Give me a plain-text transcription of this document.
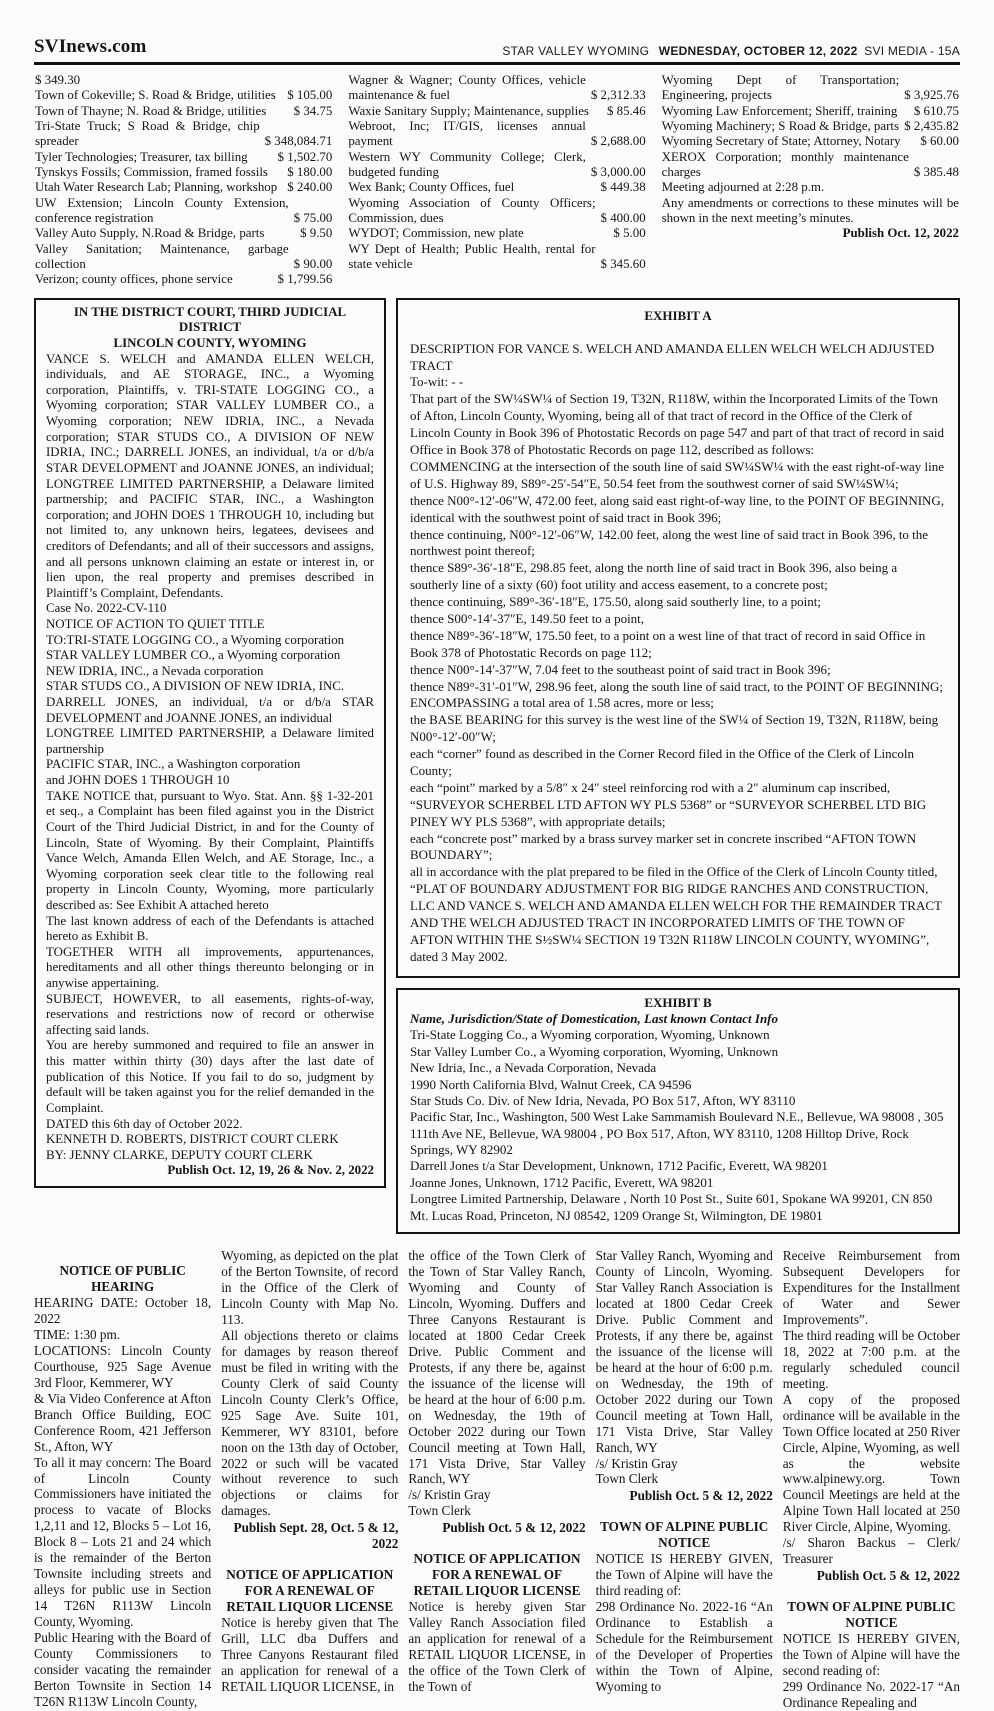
SVInews.com	STAR VALLEY WYOMING WEDNESDAY, OCTOBER 12, 2022 SVI MEDIA - 15A
$ 349.30
Town of Cokeville; S. Road & Bridge, utilities $ 105.00
Town of Thayne; N. Road & Bridge, utilities	$ 34.75
Tri-State Truck; S Road & Bridge, chip spreader	$ 348,084.71
Tyler Technologies; Treasurer, tax billing	$ 1,502.70
Tynskys Fossils; Commission, framed fossils	$ 180.00
Utah Water Research Lab; Planning, workshop $ 240.00
UW Extension; Lincoln County Extension, conference registration	$ 75.00
Valley Auto Supply, N.Road & Bridge, parts	$ 9.50
Valley Sanitation; Maintenance, garbage collection	$ 90.00
Verizon; county offices, phone service	$ 1,799.56
Wagner & Wagner; County Offices, vehicle maintenance & fuel	$ 2,312.33
Waxie Sanitary Supply; Maintenance, supplies	$ 85.46
Webroot, Inc; IT/GIS, licenses annual payment	$ 2,688.00
Western WY Community College; Clerk, budgeted funding	$ 3,000.00
Wex Bank; County Offices, fuel	$ 449.38
Wyoming Association of County Officers; Commission, dues	$ 400.00
WYDOT; Commission, new plate	$ 5.00
WY Dept of Health; Public Health, rental for state vehicle	$ 345.60
Wyoming Dept of Transportation; Engineering, projects	$ 3,925.76
Wyoming Law Enforcement; Sheriff, training	$ 610.75
Wyoming Machinery; S Road & Bridge, parts $ 2,435.82
Wyoming Secretary of State; Attorney, Notary	$ 60.00
XEROX Corporation; monthly maintenance charges	$ 385.48

Meeting adjourned at 2:28 p.m.

Any amendments or corrections to these minutes will be shown in the next meeting’s minutes.

Publish Oct. 12, 2022

IN THE DISTRICT COURT, THIRD JUDICIAL DISTRICT

LINCOLN COUNTY, WYOMING

VANCE S. WELCH and AMANDA ELLEN WELCH, individuals, and AE STORAGE, INC., a Wyoming corporation, Plaintiffs, v. TRI-STATE LOGGING CO., a Wyoming corporation; STAR VALLEY LUMBER CO., a Wyoming corporation; NEW IDRIA, INC., a Nevada corporation; STAR STUDS CO., A DIVISION OF NEW IDRIA, INC.; DARRELL JONES, an individual, t/a or d/b/a STAR DEVELOPMENT and JOANNE JONES, an individual; LONGTREE LIMITED PARTNERSHIP, a Delaware limited partnership; and PACIFIC STAR, INC., a Washington corporation; and JOHN DOES 1 THROUGH 10, including but not limited to, any unknown heirs, legatees, devisees and creditors of Defendants; and all of their successors and assigns, and all persons unknown claiming an estate or interest in, or lien upon, the real property and premises described in Plaintiff’s Complaint, Defendants.

Case No. 2022-CV-110

NOTICE OF ACTION TO QUIET TITLE

TO:TRI-STATE LOGGING CO., a Wyoming corporation

STAR VALLEY LUMBER CO., a Wyoming corporation

NEW IDRIA, INC., a Nevada corporation

STAR STUDS CO., A DIVISION OF NEW IDRIA, INC.

DARRELL JONES, an individual, t/a or d/b/a STAR DEVELOPMENT and JOANNE JONES, an individual

LONGTREE LIMITED PARTNERSHIP, a Delaware limited partnership

PACIFIC STAR, INC., a Washington corporation

and JOHN DOES 1 THROUGH 10

TAKE NOTICE that, pursuant to Wyo. Stat. Ann. §§ 1-32-201 et seq., a Complaint has been filed against you in the District Court of the Third Judicial District, in and for the County of Lincoln, State of Wyoming. By their Complaint, Plaintiffs Vance Welch, Amanda Ellen Welch, and AE Storage, Inc., a Wyoming corporation seek clear title to the following real property in Lincoln County, Wyoming, more particularly described as: See Exhibit A attached hereto

The last known address of each of the Defendants is attached hereto as Exhibit B.

TOGETHER WITH all improvements, appurtenances, hereditaments and all other things thereunto belonging or in anywise appertaining.

SUBJECT, HOWEVER, to all easements, rights-of-way, reservations and restrictions now of record or otherwise affecting said lands.

You are hereby summoned and required to file an answer in this matter within thirty (30) days after the last date of publication of this Notice. If you fail to do so, judgment by default will be taken against you for the relief demanded in the Complaint.

DATED this 6th day of October 2022.

KENNETH D. ROBERTS, DISTRICT COURT CLERK

BY: JENNY CLARKE, DEPUTY COURT CLERK

Publish Oct. 12, 19, 26 & Nov. 2, 2022

EXHIBIT A

DESCRIPTION FOR VANCE S. WELCH AND AMANDA ELLEN WELCH WELCH ADJUSTED TRACT

To-wit: - -

That part of the SW¼SW¼ of Section 19, T32N, R118W, within the Incorporated Limits of the Town of Afton, Lincoln County, Wyoming, being all of that tract of record in the Office of the Clerk of Lincoln County in Book 396 of Photostatic Records on page 547 and part of that tract of record in said Office in Book 378 of Photostatic Records on page 112, described as follows:

COMMENCING at the intersection of the south line of said SW¼SW¼ with the east right-of-way line of U.S. Highway 89, S89°-25′-54″E, 50.54 feet from the southwest corner of said SW¼SW¼;

thence N00°-12′-06″W, 472.00 feet, along said east right-of-way line, to the POINT OF BEGINNING, identical with the southwest point of said tract in Book 396;

thence continuing, N00°-12′-06″W, 142.00 feet, along the west line of said tract in Book 396, to the northwest point thereof;

thence S89°-36′-18″E, 298.85 feet, along the north line of said tract in Book 396, also being a southerly line of a sixty (60) foot utility and access easement, to a concrete post;

thence continuing, S89°-36′-18″E, 175.50, along said southerly line, to a point;

thence S00°-14′-37″E, 149.50 feet to a point,

thence N89°-36′-18″W, 175.50 feet, to a point on a west line of that tract of record in said Office in Book 378 of Photostatic Records on page 112;

thence N00°-14′-37″W, 7.04 feet to the southeast point of said tract in Book 396;

thence N89°-31′-01″W, 298.96 feet, along the south line of said tract, to the POINT OF BEGINNING;

ENCOMPASSING a total area of 1.58 acres, more or less;

the BASE BEARING for this survey is the west line of the SW¼ of Section 19, T32N, R118W, being N00°-12′-00″W;

each “corner” found as described in the Corner Record filed in the Office of the Clerk of Lincoln County;

each “point” marked by a 5/8″ x 24″ steel reinforcing rod with a 2″ aluminum cap inscribed, “SURVEYOR SCHERBEL LTD AFTON WY PLS 5368” or “SURVEYOR SCHERBEL LTD BIG PINEY WY PLS 5368”, with appropriate details;

each “concrete post” marked by a brass survey marker set in concrete inscribed “AFTON TOWN BOUNDARY”;

all in accordance with the plat prepared to be filed in the Office of the Clerk of Lincoln County titled, “PLAT OF BOUNDARY ADJUSTMENT FOR BIG RIDGE RANCHES AND CONSTRUCTION, LLC AND VANCE S. WELCH AND AMANDA ELLEN WELCH FOR THE REMAINDER TRACT AND THE WELCH ADJUSTED TRACT IN INCORPORATED LIMITS OF THE TOWN OF AFTON WITHIN THE S½SW¼ SECTION 19 T32N R118W LINCOLN COUNTY, WYOMING”, dated 3 May 2002.

EXHIBIT B

Name, Jurisdiction/State of Domestication, Last known Contact Info

Tri-State Logging Co., a Wyoming corporation, Wyoming, Unknown

Star Valley Lumber Co., a Wyoming corporation, Wyoming, Unknown

New Idria, Inc., a Nevada Corporation, Nevada

1990 North California Blvd, Walnut Creek, CA 94596

Star Studs Co. Div. of New Idria, Nevada, PO Box 517, Afton, WY 83110

Pacific Star, Inc., Washington, 500 West Lake Sammamish Boulevard N.E., Bellevue, WA 98008 , 305 111th Ave NE, Bellevue, WA 98004 , PO Box 517, Afton, WY 83110, 1208 Hilltop Drive, Rock Springs, WY 82902

Darrell Jones t/a Star Development, Unknown, 1712 Pacific, Everett, WA 98201

Joanne Jones, Unknown, 1712 Pacific, Everett, WA 98201

Longtree Limited Partnership, Delaware , North 10 Post St., Suite 601, Spokane WA 99201, CN 850 Mt. Lucas Road, Princeton, NJ 08542, 1209 Orange St, Wilmington, DE 19801

NOTICE OF PUBLIC HEARING

HEARING DATE: October 18, 2022

TIME: 1:30 pm.

LOCATIONS: Lincoln County Courthouse, 925 Sage Avenue 3rd Floor, Kemmerer, WY

& Via Video Conference at Afton Branch Office Building, EOC Conference Room, 421 Jefferson St., Afton, WY

To all it may concern: The Board of Lincoln County Commissioners have initiated the process to vacate of Blocks 1,2,11 and 12, Blocks 5 – Lot 16, Block 8 – Lots 21 and 24 which is the remainder of the Berton Townsite including streets and alleys for public use in Section 14 T26N R113W Lincoln County, Wyoming.

Public Hearing with the Board of County Commissioners to consider vacating the remainder Berton Townsite in Section 14 T26N R113W Lincoln County,

Wyoming, as depicted on the plat of the Berton Townsite, of record in the Office of the Clerk of Lincoln County with Map No. 113.

All objections thereto or claims for damages by reason thereof must be filed in writing with the County Clerk of said County Lincoln County Clerk’s Office, 925 Sage Ave. Suite 101, Kemmerer, WY 83101, before noon on the 13th day of October, 2022 or such will be vacated without reverence to such objections or claims for damages.

Publish Sept. 28, Oct. 5 & 12, 2022

NOTICE OF APPLICATION FOR A RENEWAL OF RETAIL LIQUOR LICENSE

Notice is hereby given that The Grill, LLC dba Duffers and Three Canyons Restaurant filed an application for renewal of a RETAIL LIQUOR LICENSE, in

the office of the Town Clerk of the Town of Star Valley Ranch, Wyoming and County of Lincoln, Wyoming. Duffers and Three Canyons Restaurant is located at 1800 Cedar Creek Drive. Public Comment and Protests, if any there be, against the issuance of the license will be heard at the hour of 6:00 p.m. on Wednesday, the 19th of October 2022 during our Town Council meeting at Town Hall, 171 Vista Drive, Star Valley Ranch, WY

/s/ Kristin Gray

Town Clerk

Publish Oct. 5 & 12, 2022

NOTICE OF APPLICATION FOR A RENEWAL OF RETAIL LIQUOR LICENSE

Notice is hereby given Star Valley Ranch Association filed an application for renewal of a RETAIL LIQUOR LICENSE, in the office of the Town Clerk of the Town of

Star Valley Ranch, Wyoming and County of Lincoln, Wyoming. Star Valley Ranch Association is located at 1800 Cedar Creek Drive. Public Comment and Protests, if any there be, against the issuance of the license will be heard at the hour of 6:00 p.m. on Wednesday, the 19th of October 2022 during our Town Council meeting at Town Hall, 171 Vista Drive, Star Valley Ranch, WY

/s/ Kristin Gray

Town Clerk

Publish Oct. 5 & 12, 2022

TOWN OF ALPINE PUBLIC NOTICE

NOTICE IS HEREBY GIVEN, the Town of Alpine will have the third reading of:

298 Ordinance No. 2022-16 “An Ordinance to Establish a Schedule for the Reimbursement of the Developer of Properties within the Town of Alpine, Wyoming to

Receive Reimbursement from Subsequent Developers for Expenditures for the Installment of Water and Sewer Improvements”.

The third reading will be October 18, 2022 at 7:00 p.m. at the regularly scheduled council meeting.

A copy of the proposed ordinance will be available in the Town Office located at 250 River Circle, Alpine, Wyoming, as well as the website www.alpinewy.org. Town Council Meetings are held at the Alpine Town Hall located at 250 River Circle, Alpine, Wyoming.

/s/ Sharon Backus – Clerk/ Treasurer

Publish Oct. 5 & 12, 2022

TOWN OF ALPINE PUBLIC NOTICE

NOTICE IS HEREBY GIVEN, the Town of Alpine will have the second reading of:

299 Ordinance No. 2022-17 “An Ordinance Repealing and
